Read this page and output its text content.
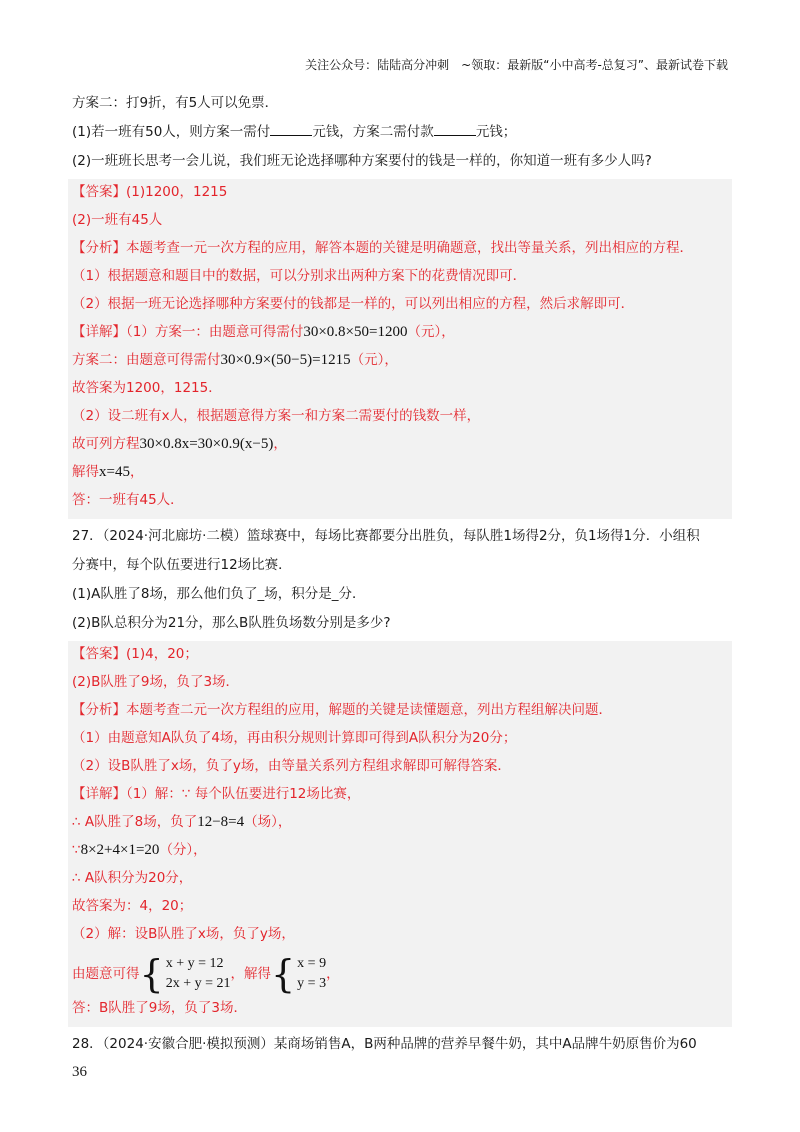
关注公众号：陆陆高分冲刺　~领取：最新版“小中高考-总复习”、最新试卷下载
方案二：打9折，有5人可以免票．
(1)若一班有50人，则方案一需付	元钱，方案二需付款	元钱；
(2)一班班长思考一会儿说，我们班无论选择哪种方案要付的钱是一样的，你知道一班有多少人吗?
【答案】(1)1200，1215
(2)一班有45人
【分析】本题考查一元一次方程的应用，解答本题的关键是明确题意，找出等量关系，列出相应的方程．
（1）根据题意和题目中的数据，可以分别求出两种方案下的花费情况即可．
（2）根据一班无论选择哪种方案要付的钱都是一样的，可以列出相应的方程，然后求解即可．
【详解】（1）方案一：由题意可得需付30×0.8×50=1200（元），
方案二：由题意可得需付30×0.9×(50−5)=1215（元），
故答案为1200，1215．
（2）设二班有x人，根据题意得方案一和方案二需要付的钱数一样，
故可列方程30×0.8x=30×0.9(x−5)，
解得x=45，
答：一班有45人．
27．（2024·河北廊坊·二模）篮球赛中，每场比赛都要分出胜负，每队胜1场得2分，负1场得1分．小组积
分赛中，每个队伍要进行12场比赛．
(1)A队胜了8场，那么他们负了_场，积分是_分．
(2)B队总积分为21分，那么B队胜负场数分别是多少?
【答案】(1)4，20；
(2)B队胜了9场，负了3场．
【分析】本题考查二元一次方程组的应用，解题的关键是读懂题意，列出方程组解决问题．
（1）由题意知A队负了4场，再由积分规则计算即可得到A队积分为20分；
（2）设B队胜了x场，负了y场，由等量关系列方程组求解即可解得答案．
【详解】（1）解：∵ 每个队伍要进行12场比赛，
∴ A队胜了8场，负了12−8=4（场），
∵8×2+4×1=20（分），
∴ A队积分为20分，
故答案为：4，20；
（2）解：设B队胜了x场，负了y场，
由题意可得 { x + y = 12
2x + y = 21
，解得 { x = 9
y = 3
，
答：B队胜了9场，负了3场．
28．（2024·安徽合肥·模拟预测）某商场销售A，B两种品牌的营养早餐牛奶，其中A品牌牛奶原售价为60
36
